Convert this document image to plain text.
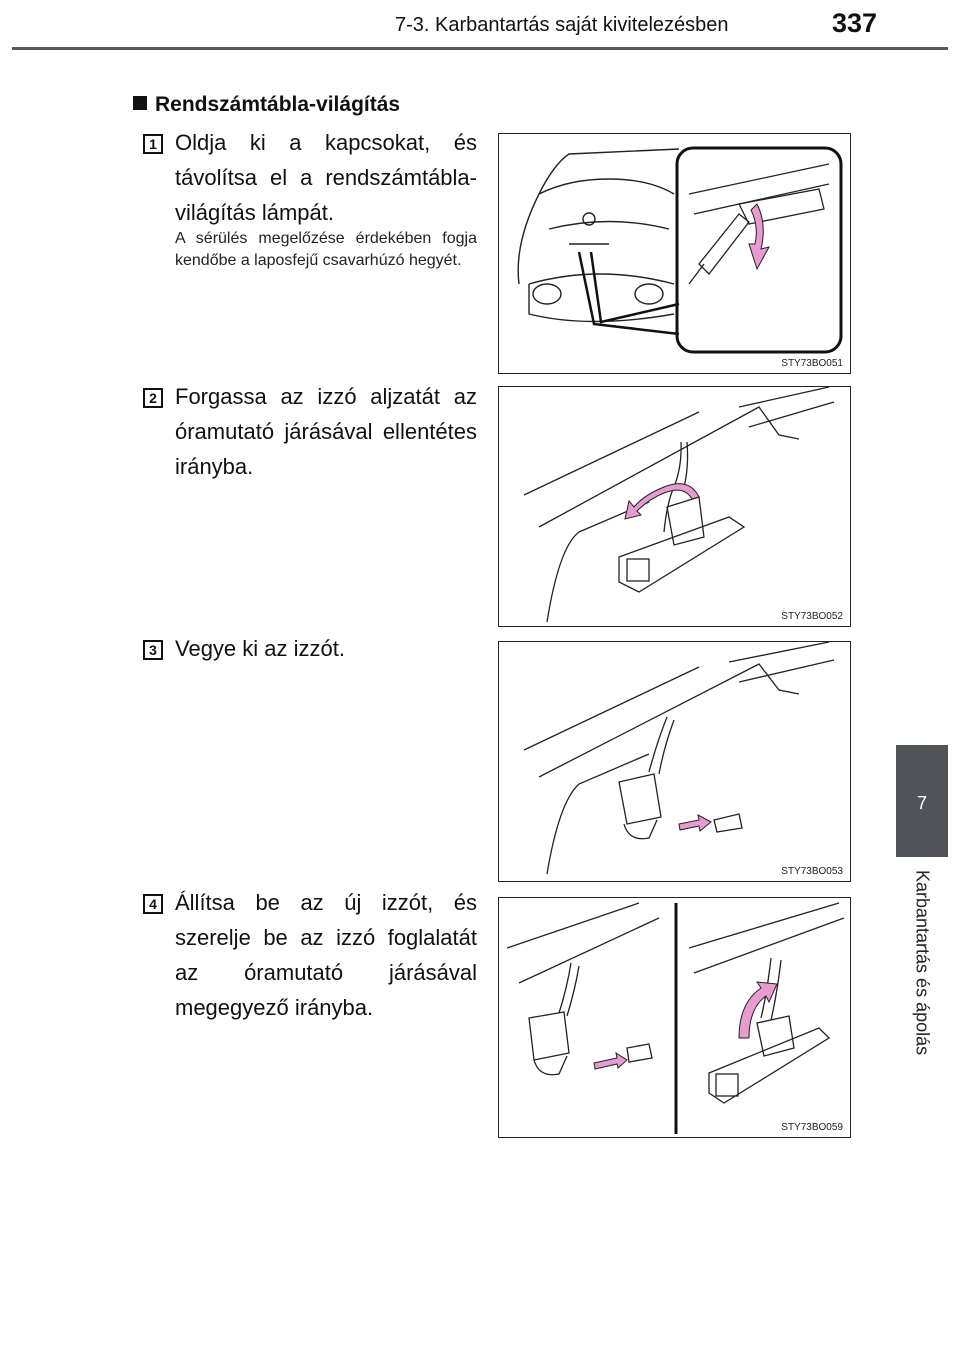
7-3. Karbantartás saját kivitelezésben	337
7
Karbantartás és ápolás
Rendszámtábla-világítás
1 Oldja ki a kapcsokat, és távolítsa el a rendszámtábla-világítás lámpát.
A sérülés megelőzése érdekében fogja kendőbe a laposfejű csavarhúzó hegyét.
STY73BO051
2 Forgassa az izzó aljzatát az óramutató járásával ellentétes irányba.
STY73BO052
3 Vegye ki az izzót.
STY73BO053
4 Állítsa be az új izzót, és szerelje be az izzó foglalatát az óramutató járásával megegyező irányba.
STY73BO059
